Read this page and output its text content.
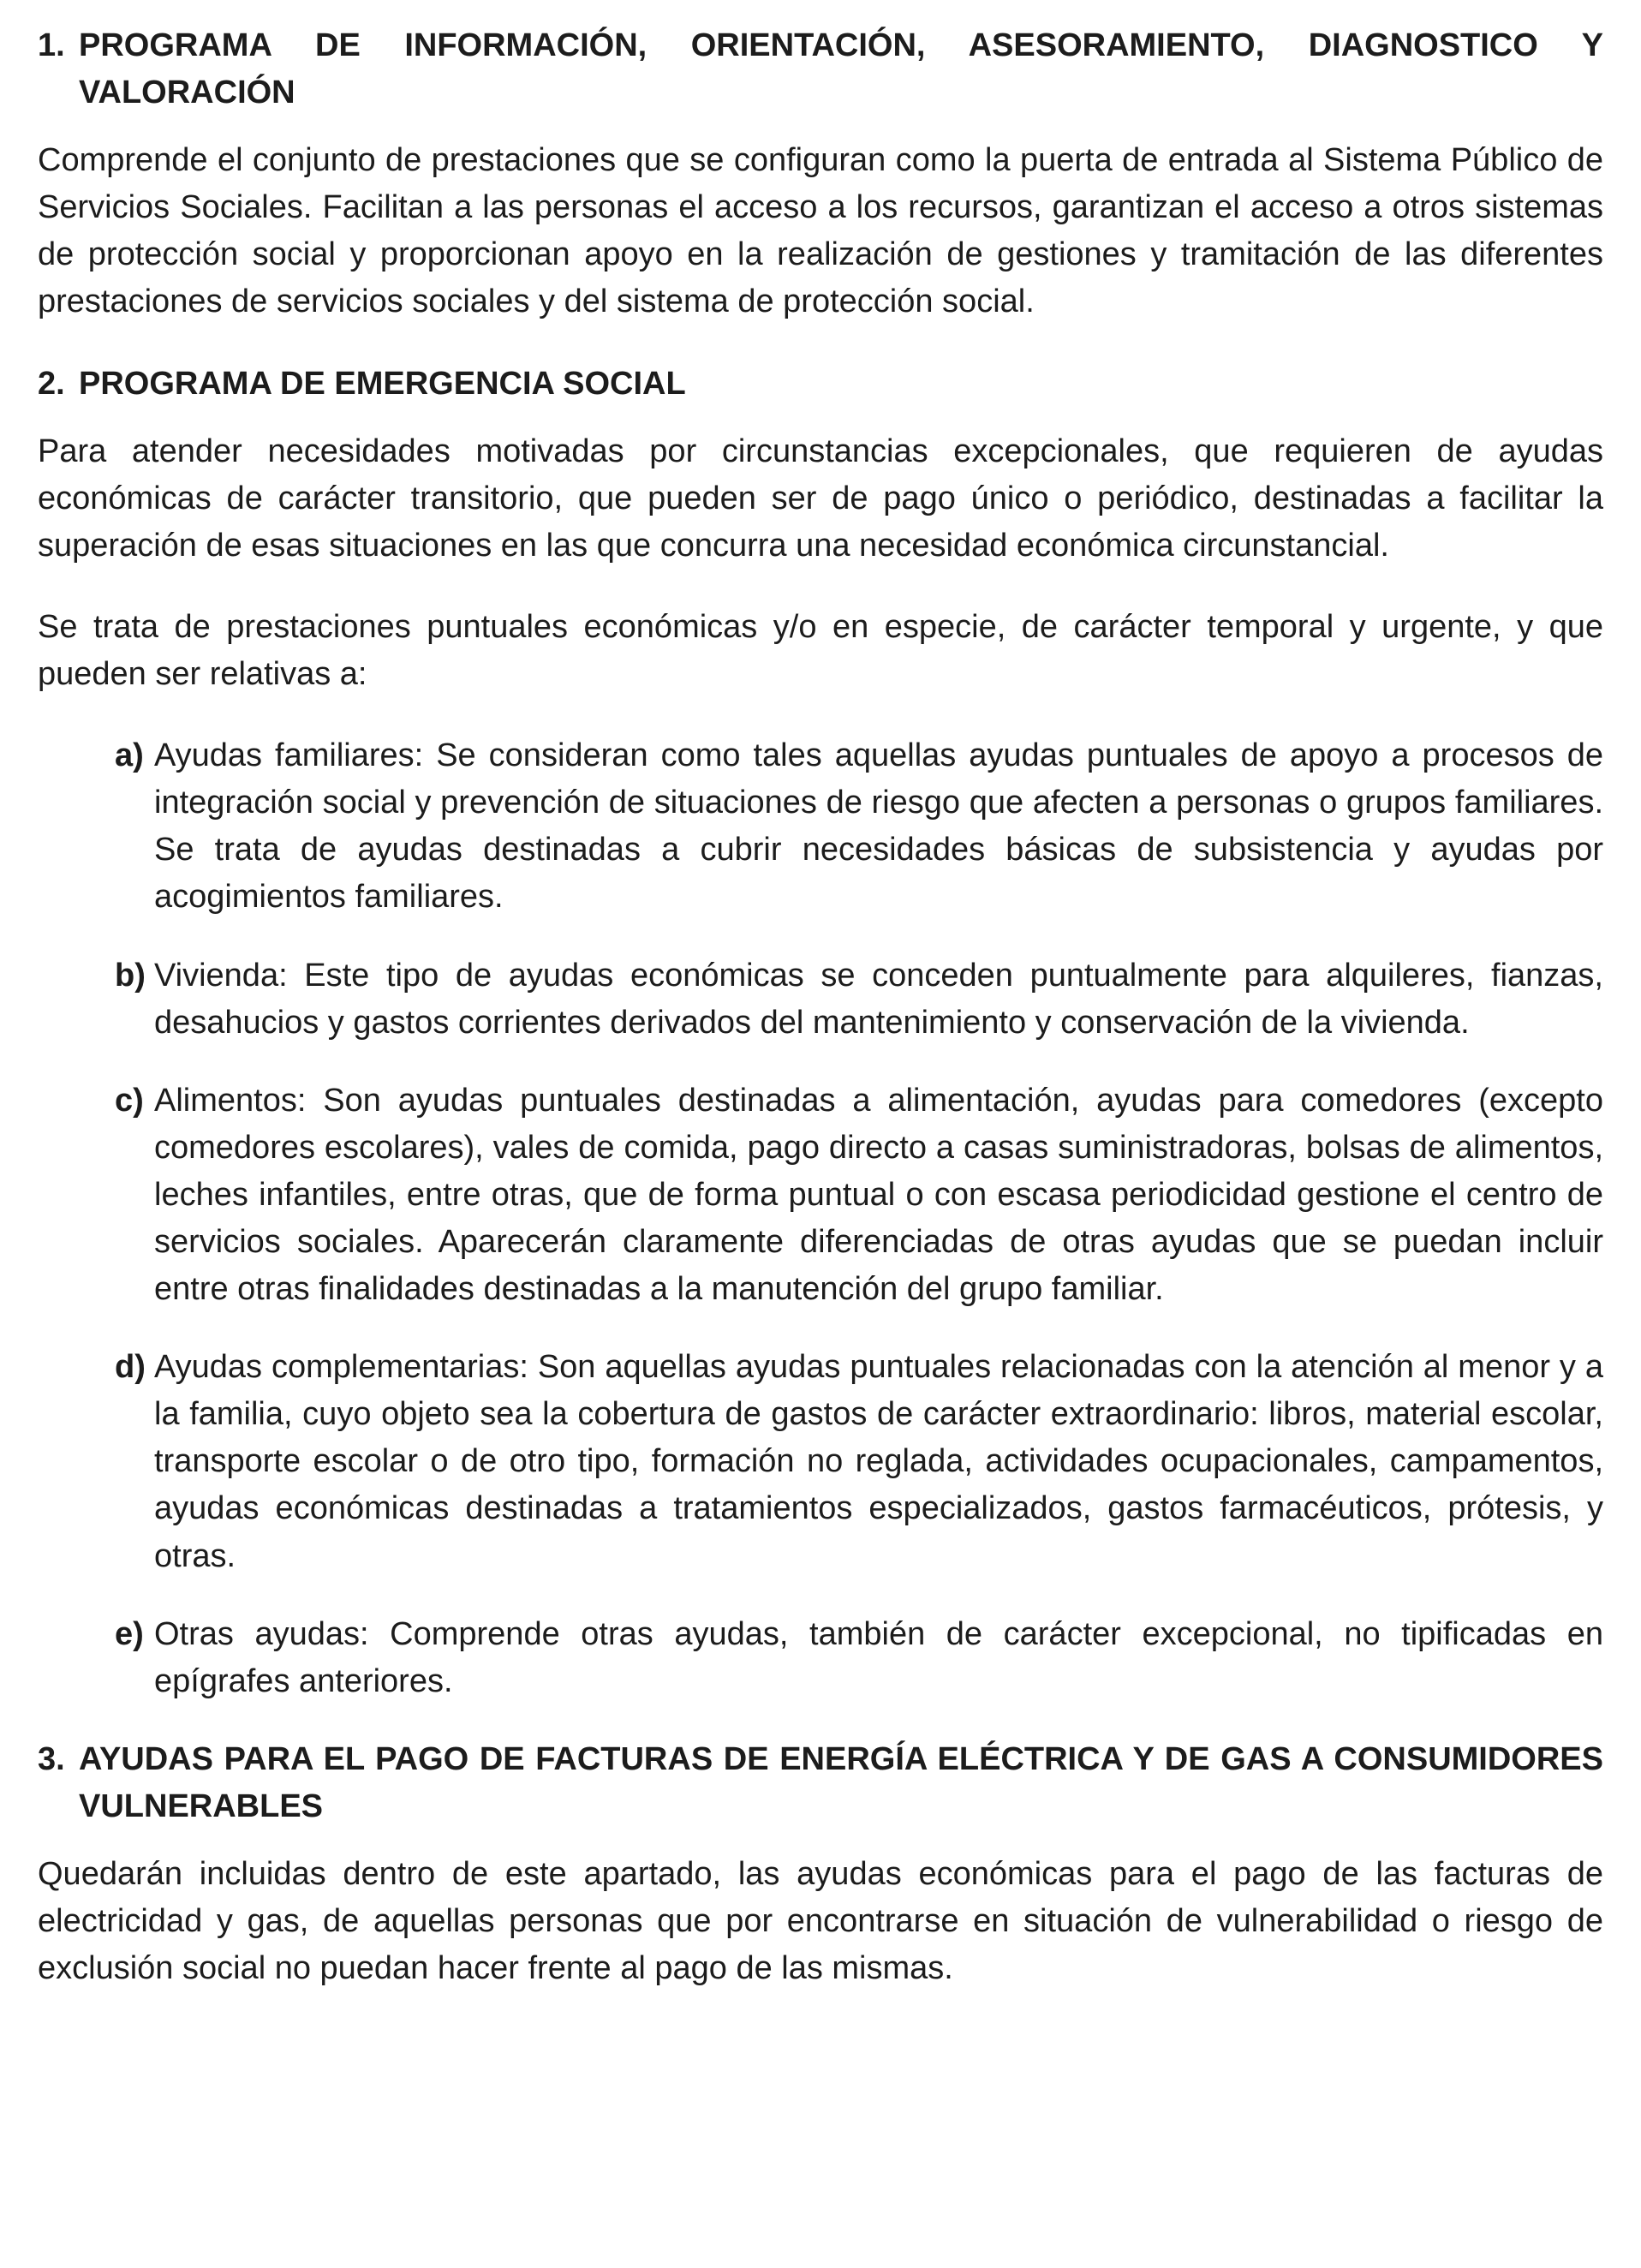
1. PROGRAMA DE INFORMACIÓN, ORIENTACIÓN, ASESORAMIENTO, DIAGNOSTICO Y VALORACIÓN

Comprende el conjunto de prestaciones que se configuran como la puerta de entrada al Sistema Público de Servicios Sociales. Facilitan a las personas el acceso a los recursos, garantizan el acceso a otros sistemas de protección social y proporcionan apoyo en la realización de gestiones y tramitación de las diferentes prestaciones de servicios sociales y del sistema de protección social.

2. PROGRAMA DE EMERGENCIA SOCIAL

Para atender necesidades motivadas por circunstancias excepcionales, que requieren de ayudas económicas de carácter transitorio, que pueden ser de pago único o periódico, destinadas a facilitar la superación de esas situaciones en las que concurra una necesidad económica circunstancial.

Se trata de prestaciones puntuales económicas y/o en especie, de carácter temporal y urgente, y que pueden ser relativas a:

a) Ayudas familiares: Se consideran como tales aquellas ayudas puntuales de apoyo a procesos de integración social y prevención de situaciones de riesgo que afecten a personas o grupos familiares. Se trata de ayudas destinadas a cubrir necesidades básicas de subsistencia y ayudas por acogimientos familiares.
b) Vivienda: Este tipo de ayudas económicas se conceden puntualmente para alquileres, fianzas, desahucios y gastos corrientes derivados del mantenimiento y conservación de la vivienda.
c) Alimentos: Son ayudas puntuales destinadas a alimentación, ayudas para comedores (excepto comedores escolares), vales de comida, pago directo a casas suministradoras, bolsas de alimentos, leches infantiles, entre otras, que de forma puntual o con escasa periodicidad gestione el centro de servicios sociales. Aparecerán claramente diferenciadas de otras ayudas que se puedan incluir entre otras finalidades destinadas a la manutención del grupo familiar.
d) Ayudas complementarias: Son aquellas ayudas puntuales relacionadas con la atención al menor y a la familia, cuyo objeto sea la cobertura de gastos de carácter extraordinario: libros, material escolar, transporte escolar o de otro tipo, formación no reglada, actividades ocupacionales, campamentos, ayudas económicas destinadas a tratamientos especializados, gastos farmacéuticos, prótesis, y otras.
e) Otras ayudas: Comprende otras ayudas, también de carácter excepcional, no tipificadas en epígrafes anteriores.
3. AYUDAS PARA EL PAGO DE FACTURAS DE ENERGÍA ELÉCTRICA Y DE GAS A CONSUMIDORES VULNERABLES

Quedarán incluidas dentro de este apartado, las ayudas económicas para el pago de las facturas de electricidad y gas, de aquellas personas que por encontrarse en situación de vulnerabilidad o riesgo de exclusión social no puedan hacer frente al pago de las mismas.
